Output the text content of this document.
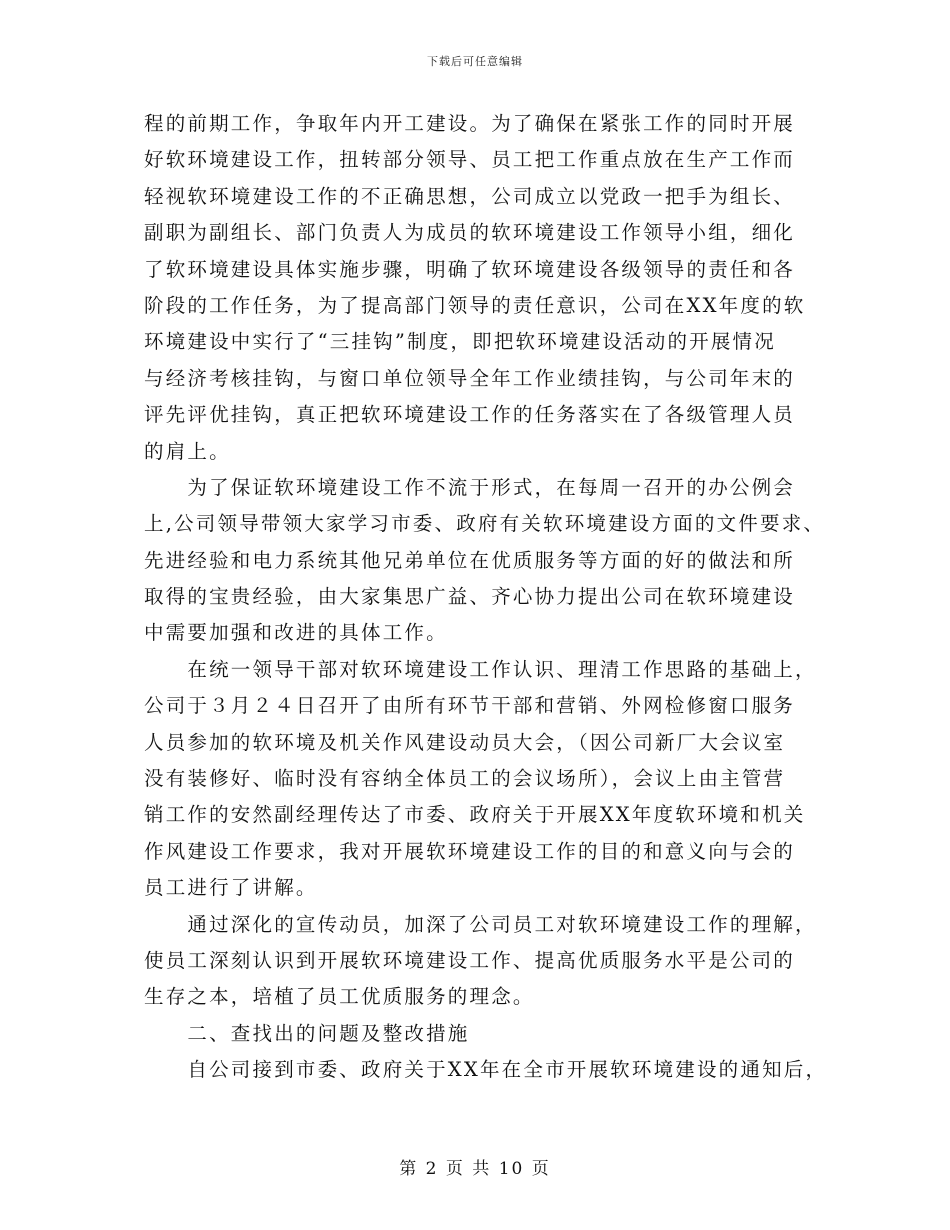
下载后可任意编辑
程的前期工作，争取年内开工建设。为了确保在紧张工作的同时开展
好软环境建设工作，扭转部分领导、员工把工作重点放在生产工作而
轻视软环境建设工作的不正确思想，公司成立以党政一把手为组长、
副职为副组长、部门负责人为成员的软环境建设工作领导小组，细化
了软环境建设具体实施步骤，明确了软环境建设各级领导的责任和各
阶段的工作任务，为了提高部门领导的责任意识，公司在XX年度的软
环境建设中实行了“三挂钩”制度，即把软环境建设活动的开展情况
与经济考核挂钩，与窗口单位领导全年工作业绩挂钩，与公司年末的
评先评优挂钩，真正把软环境建设工作的任务落实在了各级管理人员
的肩上。
　　为了保证软环境建设工作不流于形式，在每周一召开的办公例会
上,公司领导带领大家学习市委、政府有关软环境建设方面的文件要求、
先进经验和电力系统其他兄弟单位在优质服务等方面的好的做法和所
取得的宝贵经验，由大家集思广益、齐心协力提出公司在软环境建设
中需要加强和改进的具体工作。
　　在统一领导干部对软环境建设工作认识、理清工作思路的基础上，
公司于３月２４日召开了由所有环节干部和营销、外网检修窗口服务
人员参加的软环境及机关作风建设动员大会，（因公司新厂大会议室
没有装修好、临时没有容纳全体员工的会议场所），会议上由主管营
销工作的安然副经理传达了市委、政府关于开展XX年度软环境和机关
作风建设工作要求，我对开展软环境建设工作的目的和意义向与会的
员工进行了讲解。
　　通过深化的宣传动员，加深了公司员工对软环境建设工作的理解，
使员工深刻认识到开展软环境建设工作、提高优质服务水平是公司的
生存之本，培植了员工优质服务的理念。
　　二、查找出的问题及整改措施
　　自公司接到市委、政府关于XX年在全市开展软环境建设的通知后，
第 2 页 共 10 页
